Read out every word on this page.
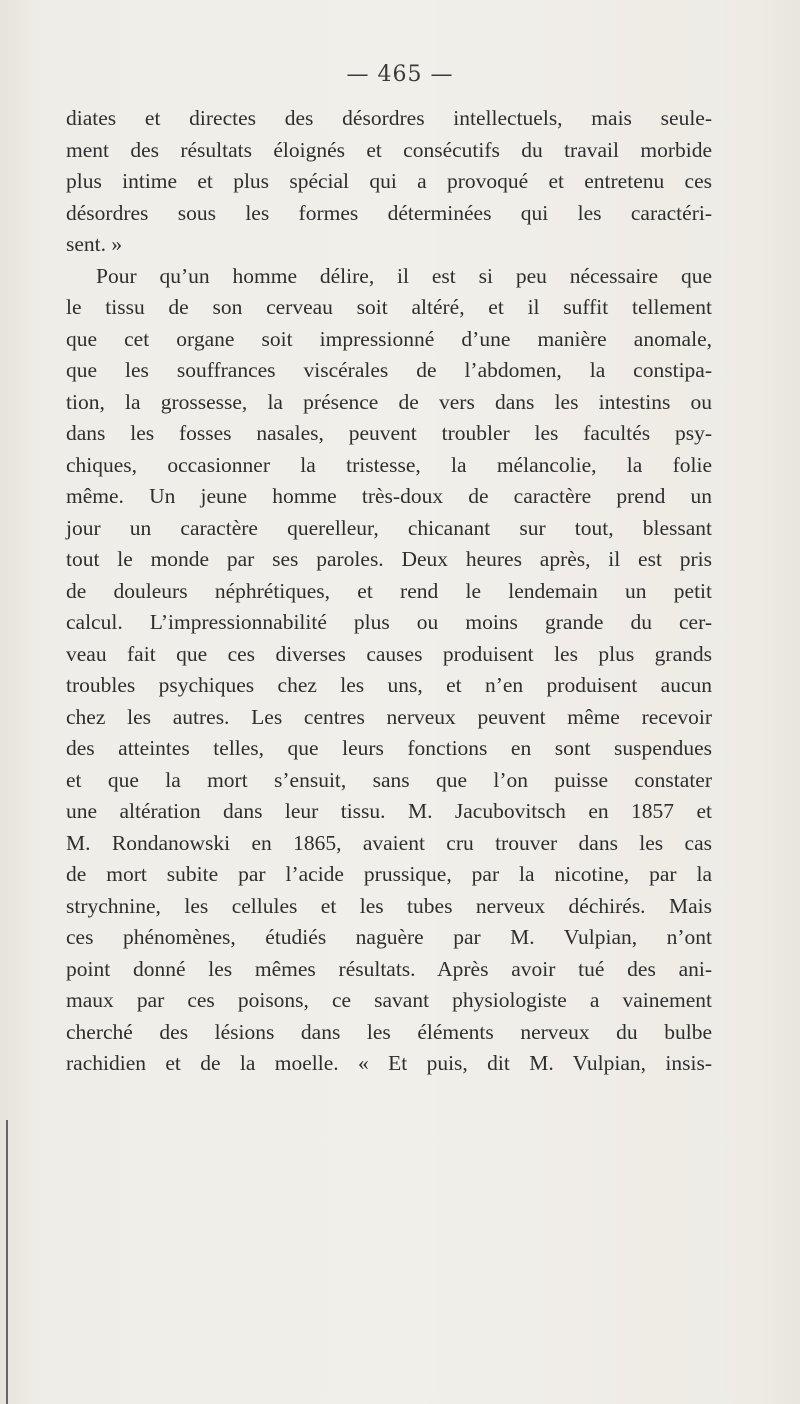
— 465 —
diates et directes des désordres intellectuels, mais seule-
ment des résultats éloignés et consécutifs du travail morbide
plus intime et plus spécial qui a provoqué et entretenu ces
désordres sous les formes déterminées qui les caractéri-
sent. »
Pour qu’un homme délire, il est si peu nécessaire que
le tissu de son cerveau soit altéré, et il suffit tellement
que cet organe soit impressionné d’une manière anomale,
que les souffrances viscérales de l’abdomen, la constipa-
tion, la grossesse, la présence de vers dans les intestins ou
dans les fosses nasales, peuvent troubler les facultés psy-
chiques, occasionner la tristesse, la mélancolie, la folie
même. Un jeune homme très-doux de caractère prend un
jour un caractère querelleur, chicanant sur tout, blessant
tout le monde par ses paroles. Deux heures après, il est pris
de douleurs néphrétiques, et rend le lendemain un petit
calcul. L’impressionnabilité plus ou moins grande du cer-
veau fait que ces diverses causes produisent les plus grands
troubles psychiques chez les uns, et n’en produisent aucun
chez les autres. Les centres nerveux peuvent même recevoir
des atteintes telles, que leurs fonctions en sont suspendues
et que la mort s’ensuit, sans que l’on puisse constater
une altération dans leur tissu. M. Jacubovitsch en 1857 et
M. Rondanowski en 1865, avaient cru trouver dans les cas
de mort subite par l’acide prussique, par la nicotine, par la
strychnine, les cellules et les tubes nerveux déchirés. Mais
ces phénomènes, étudiés naguère par M. Vulpian, n’ont
point donné les mêmes résultats. Après avoir tué des ani-
maux par ces poisons, ce savant physiologiste a vainement
cherché des lésions dans les éléments nerveux du bulbe
rachidien et de la moelle. « Et puis, dit M. Vulpian, insis-
